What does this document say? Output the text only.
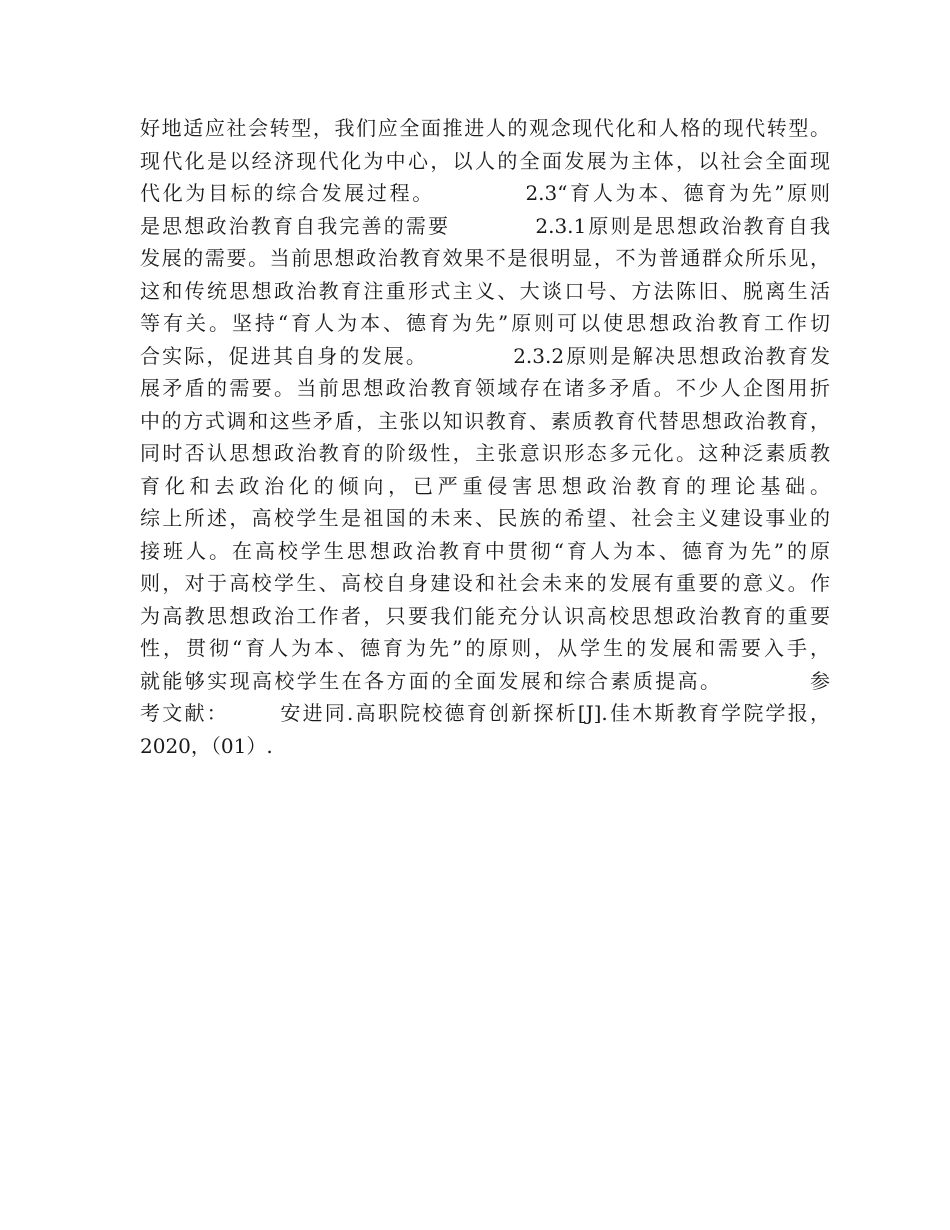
好地适应社会转型，我们应全面推进人的观念现代化和人格的现代转型。
现代化是以经济现代化为中心，以人的全面发展为主体，以社会全面现
代化为目标的综合发展过程。          2.3“育人为本、德育为先”原则
是思想政治教育自我完善的需要          2.3.1原则是思想政治教育自我
发展的需要。当前思想政治教育效果不是很明显，不为普通群众所乐见，
这和传统思想政治教育注重形式主义、大谈口号、方法陈旧、脱离生活
等有关。坚持“育人为本、德育为先”原则可以使思想政治教育工作切
合实际，促进其自身的发展。          2.3.2原则是解决思想政治教育发
展矛盾的需要。当前思想政治教育领域存在诸多矛盾。不少人企图用折
中的方式调和这些矛盾，主张以知识教育、素质教育代替思想政治教育，
同时否认思想政治教育的阶级性，主张意识形态多元化。这种泛素质教
育化和去政治化的倾向，已严重侵害思想政治教育的理论基础。
综上所述，高校学生是祖国的未来、民族的希望、社会主义建设事业的
接班人。在高校学生思想政治教育中贯彻“育人为本、德育为先”的原
则，对于高校学生、高校自身建设和社会未来的发展有重要的意义。作
为高教思想政治工作者，只要我们能充分认识高校思想政治教育的重要
性，贯彻“育人为本、德育为先”的原则，从学生的发展和需要入手，
就能够实现高校学生在各方面的全面发展和综合素质提高。          参
考文献：      安进同.高职院校德育创新探析[J].佳木斯教育学院学报，
2020，（01）.
